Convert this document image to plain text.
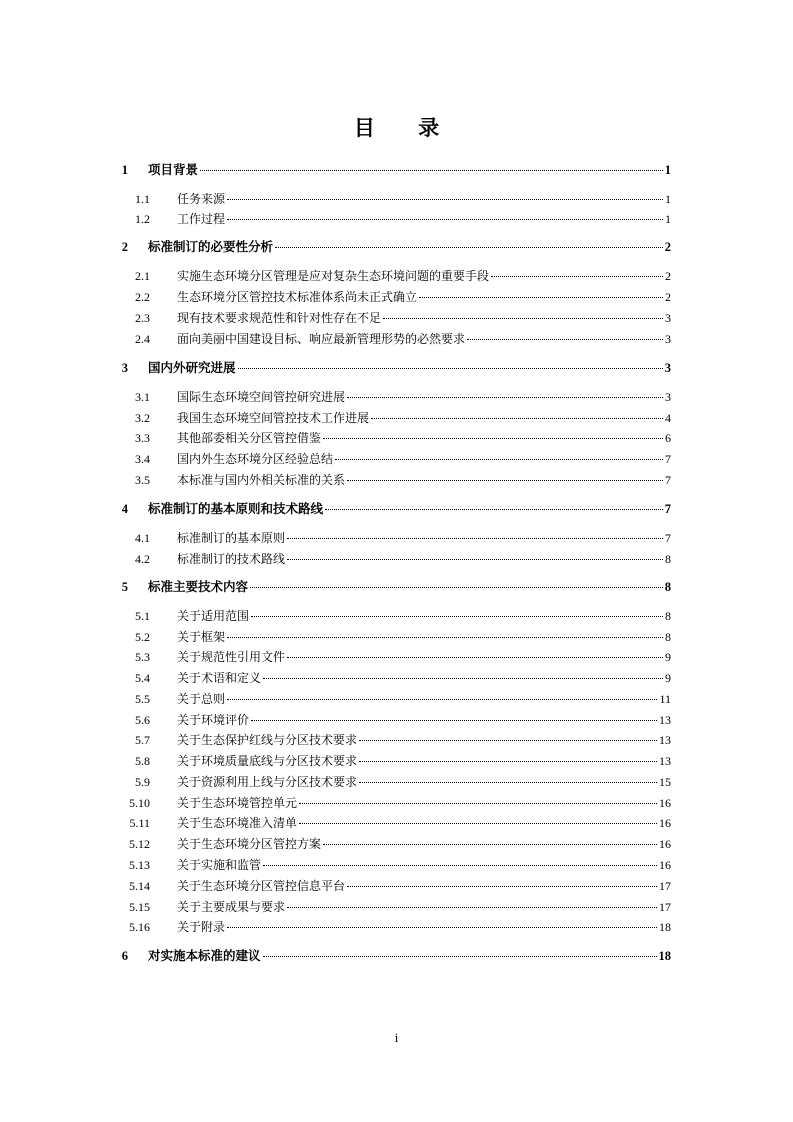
目 录
1 项目背景	1
1.1 任务来源	1
1.2 工作过程	1
2 标准制订的必要性分析	2
2.1 实施生态环境分区管理是应对复杂生态环境问题的重要手段	2
2.2 生态环境分区管控技术标准体系尚未正式确立	2
2.3 现有技术要求规范性和针对性存在不足	3
2.4 面向美丽中国建设目标、响应最新管理形势的必然要求	3
3 国内外研究进展	3
3.1 国际生态环境空间管控研究进展	3
3.2 我国生态环境空间管控技术工作进展	4
3.3 其他部委相关分区管控借鉴	6
3.4 国内外生态环境分区经验总结	7
3.5 本标准与国内外相关标准的关系	7
4 标准制订的基本原则和技术路线	7
4.1 标准制订的基本原则	7
4.2 标准制订的技术路线	8
5 标准主要技术内容	8
5.1 关于适用范围	8
5.2 关于框架	8
5.3 关于规范性引用文件	9
5.4 关于术语和定义	9
5.5 关于总则	11
5.6 关于环境评价	13
5.7 关于生态保护红线与分区技术要求	13
5.8 关于环境质量底线与分区技术要求	13
5.9 关于资源利用上线与分区技术要求	15
5.10 关于生态环境管控单元	16
5.11 关于生态环境准入清单	16
5.12 关于生态环境分区管控方案	16
5.13 关于实施和监管	16
5.14 关于生态环境分区管控信息平台	17
5.15 关于主要成果与要求	17
5.16 关于附录	18
6 对实施本标准的建议	18
i
